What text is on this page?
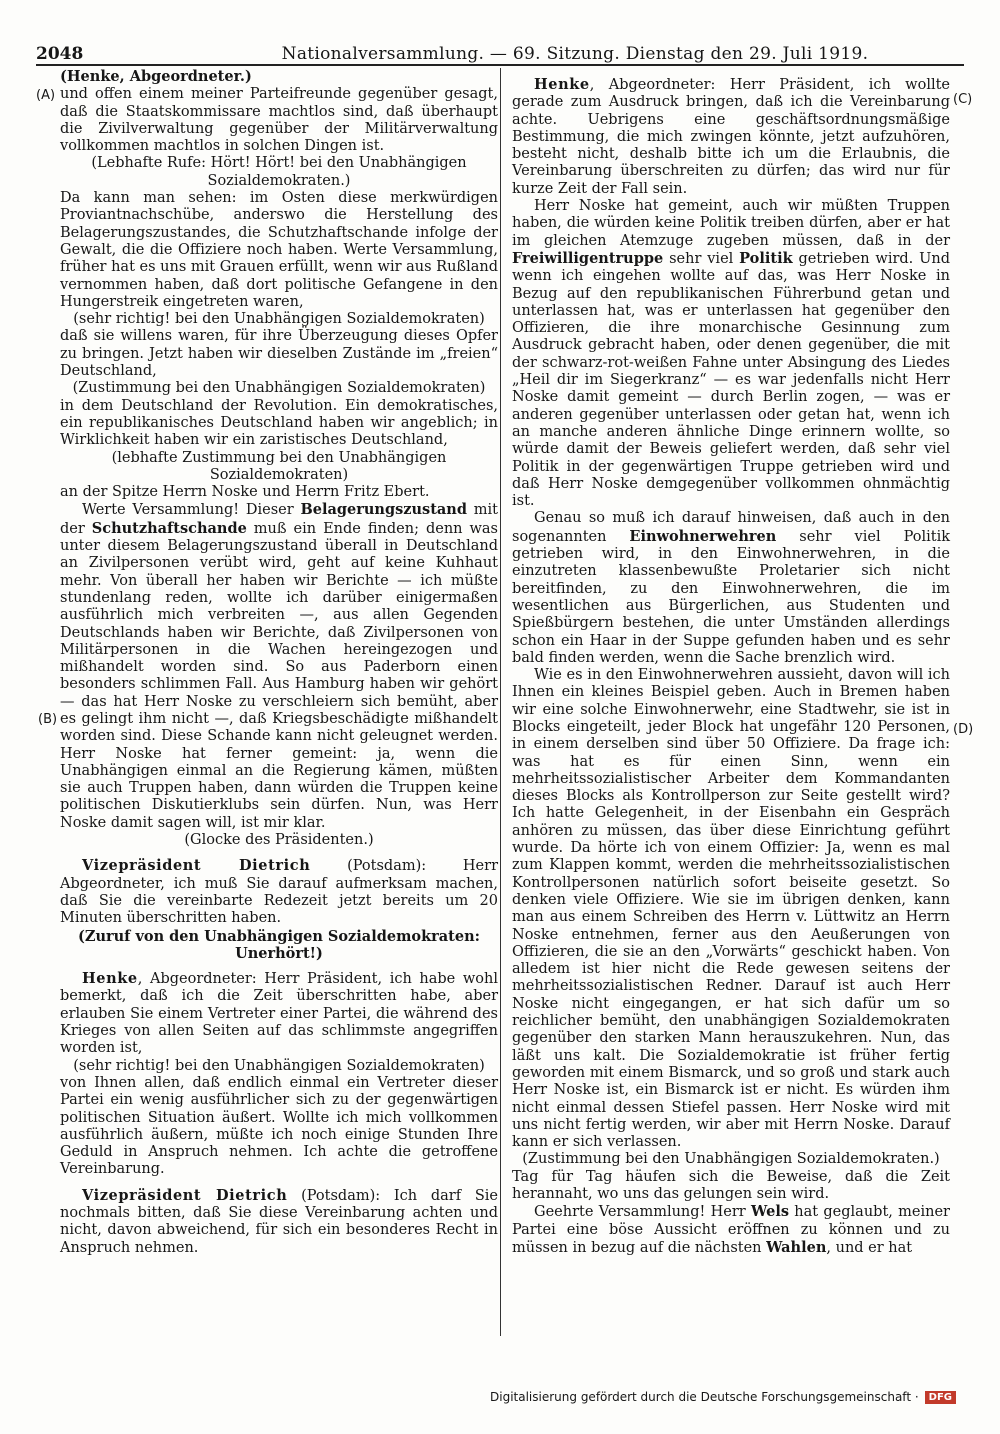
2048	Nationalversammlung. — 69. Sitzung. Dienstag den 29. Juli 1919.
(A)
(B)
(C)
(D)

(Henke, Abgeordneter.)

und offen einem meiner Parteifreunde gegenüber gesagt, daß die Staatskommissare machtlos sind, daß überhaupt die Zivilverwaltung gegenüber der Militärverwaltung vollkommen machtlos in solchen Dingen ist.

(Lebhafte Rufe: Hört! Hört! bei den Unabhängigen Sozialdemokraten.)

Da kann man sehen: im Osten diese merkwürdigen Proviantnachschübe, anderswo die Herstellung des Belagerungszustandes, die Schutzhaftschande infolge der Gewalt, die die Offiziere noch haben. Werte Versammlung, früher hat es uns mit Grauen erfüllt, wenn wir aus Rußland vernommen haben, daß dort politische Gefangene in den Hungerstreik eingetreten waren,

(sehr richtig! bei den Unabhängigen Sozialdemokraten)

daß sie willens waren, für ihre Überzeugung dieses Opfer zu bringen. Jetzt haben wir dieselben Zustände im „freien“ Deutschland,

(Zustimmung bei den Unabhängigen Sozialdemokraten)

in dem Deutschland der Revolution. Ein demokratisches, ein republikanisches Deutschland haben wir angeblich; in Wirklichkeit haben wir ein zaristisches Deutschland,

(lebhafte Zustimmung bei den Unabhängigen Sozialdemokraten)

an der Spitze Herrn Noske und Herrn Fritz Ebert.

Werte Versammlung! Dieser Belagerungszustand mit der Schutzhaftschande muß ein Ende finden; denn was unter diesem Belagerungszustand überall in Deutschland an Zivilpersonen verübt wird, geht auf keine Kuhhaut mehr. Von überall her haben wir Berichte — ich müßte stundenlang reden, wollte ich darüber einigermaßen ausführlich mich verbreiten —, aus allen Gegenden Deutschlands haben wir Berichte, daß Zivilpersonen von Militärpersonen in die Wachen hereingezogen und mißhandelt worden sind. So aus Paderborn einen besonders schlimmen Fall. Aus Hamburg haben wir gehört — das hat Herr Noske zu verschleiern sich bemüht, aber es gelingt ihm nicht —, daß Kriegsbeschädigte mißhandelt worden sind. Diese Schande kann nicht geleugnet werden. Herr Noske hat ferner gemeint: ja, wenn die Unabhängigen einmal an die Regierung kämen, müßten sie auch Truppen haben, dann würden die Truppen keine politischen Diskutierklubs sein dürfen. Nun, was Herr Noske damit sagen will, ist mir klar.

(Glocke des Präsidenten.)

Vizepräsident Dietrich (Potsdam): Herr Abgeordneter, ich muß Sie darauf aufmerksam machen, daß Sie die vereinbarte Redezeit jetzt bereits um 20 Minuten überschritten haben.

(Zuruf von den Unabhängigen Sozialdemokraten: Unerhört!)

Henke, Abgeordneter: Herr Präsident, ich habe wohl bemerkt, daß ich die Zeit überschritten habe, aber erlauben Sie einem Vertreter einer Partei, die während des Krieges von allen Seiten auf das schlimmste angegriffen worden ist,

(sehr richtig! bei den Unabhängigen Sozialdemokraten)

von Ihnen allen, daß endlich einmal ein Vertreter dieser Partei ein wenig ausführlicher sich zu der gegenwärtigen politischen Situation äußert. Wollte ich mich vollkommen ausführlich äußern, müßte ich noch einige Stunden Ihre Geduld in Anspruch nehmen. Ich achte die getroffene Vereinbarung.

Vizepräsident Dietrich (Potsdam): Ich darf Sie nochmals bitten, daß Sie diese Vereinbarung achten und nicht, davon abweichend, für sich ein besonderes Recht in Anspruch nehmen.

Henke, Abgeordneter: Herr Präsident, ich wollte gerade zum Ausdruck bringen, daß ich die Vereinbarung achte. Uebrigens eine geschäftsordnungsmäßige Bestimmung, die mich zwingen könnte, jetzt aufzuhören, besteht nicht, deshalb bitte ich um die Erlaubnis, die Vereinbarung überschreiten zu dürfen; das wird nur für kurze Zeit der Fall sein.

Herr Noske hat gemeint, auch wir müßten Truppen haben, die würden keine Politik treiben dürfen, aber er hat im gleichen Atemzuge zugeben müssen, daß in der Freiwilligentruppe sehr viel Politik getrieben wird. Und wenn ich eingehen wollte auf das, was Herr Noske in Bezug auf den republikanischen Führerbund getan und unterlassen hat, was er unterlassen hat gegenüber den Offizieren, die ihre monarchische Gesinnung zum Ausdruck gebracht haben, oder denen gegenüber, die mit der schwarz-rot-weißen Fahne unter Absingung des Liedes „Heil dir im Siegerkranz“ — es war jedenfalls nicht Herr Noske damit gemeint — durch Berlin zogen, — was er anderen gegenüber unterlassen oder getan hat, wenn ich an manche anderen ähnliche Dinge erinnern wollte, so würde damit der Beweis geliefert werden, daß sehr viel Politik in der gegenwärtigen Truppe getrieben wird und daß Herr Noske demgegenüber vollkommen ohnmächtig ist.

Genau so muß ich darauf hinweisen, daß auch in den sogenannten Einwohnerwehren sehr viel Politik getrieben wird, in den Einwohnerwehren, in die einzutreten klassenbewußte Proletarier sich nicht bereitfinden, zu den Einwohnerwehren, die im wesentlichen aus Bürgerlichen, aus Studenten und Spießbürgern bestehen, die unter Umständen allerdings schon ein Haar in der Suppe gefunden haben und es sehr bald finden werden, wenn die Sache brenzlich wird.

Wie es in den Einwohnerwehren aussieht, davon will ich Ihnen ein kleines Beispiel geben. Auch in Bremen haben wir eine solche Einwohnerwehr, eine Stadtwehr, sie ist in Blocks eingeteilt, jeder Block hat ungefähr 120 Personen, in einem derselben sind über 50 Offiziere. Da frage ich: was hat es für einen Sinn, wenn ein mehrheitssozialistischer Arbeiter dem Kommandanten dieses Blocks als Kontrollperson zur Seite gestellt wird? Ich hatte Gelegenheit, in der Eisenbahn ein Gespräch anhören zu müssen, das über diese Einrichtung geführt wurde. Da hörte ich von einem Offizier: Ja, wenn es mal zum Klappen kommt, werden die mehrheitssozialistischen Kontrollpersonen natürlich sofort beiseite gesetzt. So denken viele Offiziere. Wie sie im übrigen denken, kann man aus einem Schreiben des Herrn v. Lüttwitz an Herrn Noske entnehmen, ferner aus den Aeußerungen von Offizieren, die sie an den „Vorwärts“ geschickt haben. Von alledem ist hier nicht die Rede gewesen seitens der mehrheitssozialistischen Redner. Darauf ist auch Herr Noske nicht eingegangen, er hat sich dafür um so reichlicher bemüht, den unabhängigen Sozialdemokraten gegenüber den starken Mann herauszukehren. Nun, das läßt uns kalt. Die Sozialdemokratie ist früher fertig geworden mit einem Bismarck, und so groß und stark auch Herr Noske ist, ein Bismarck ist er nicht. Es würden ihm nicht einmal dessen Stiefel passen. Herr Noske wird mit uns nicht fertig werden, wir aber mit Herrn Noske. Darauf kann er sich verlassen.

(Zustimmung bei den Unabhängigen Sozialdemokraten.)

Tag für Tag häufen sich die Beweise, daß die Zeit herannaht, wo uns das gelungen sein wird.

Geehrte Versammlung! Herr Wels hat geglaubt, meiner Partei eine böse Aussicht eröffnen zu können und zu müssen in bezug auf die nächsten Wahlen, und er hat

Digitalisierung gefördert durch die Deutsche Forschungsgemeinschaft ·	DFG
